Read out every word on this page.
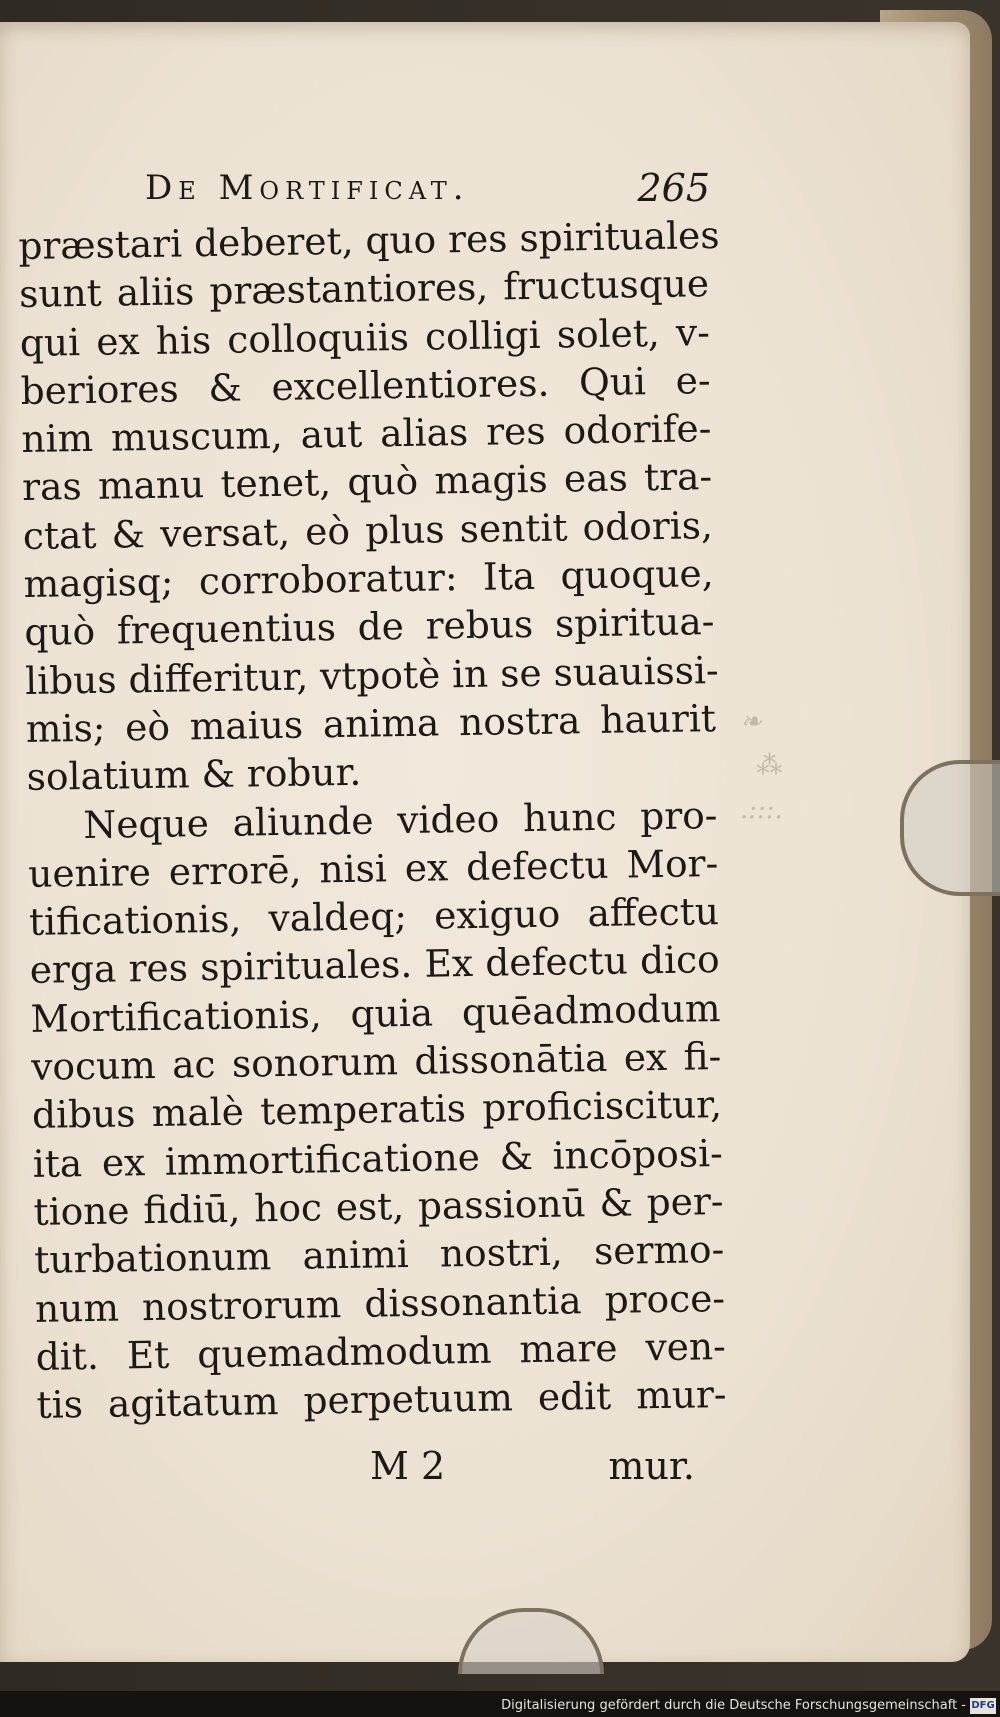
❧
⁂
.:::.
De Mortificat.	265
præstari deberet, quo res spirituales
sunt aliis præstantiores, fructusque
qui ex his colloquiis colligi solet, v-
beriores & excellentiores. Qui e-
nim muscum, aut alias res odorife-
ras manu tenet, quò magis eas tra-
ctat & versat, eò plus sentit odoris,
magisq; corroboratur: Ita quoque,
quò frequentius de rebus spiritua-
libus differitur, vtpotè in se suauissi-
mis; eò maius anima nostra haurit
solatium & robur.
Neque aliunde video hunc pro-
uenire errorē, nisi ex defectu Mor-
tificationis, valdeq; exiguo affectu
erga res spirituales. Ex defectu dico
Mortificationis, quia quēadmodum
vocum ac sonorum dissonātia ex fi-
dibus malè temperatis proficiscitur,
ita ex immortificatione & incōposi-
tione fidiū, hoc est, passionū & per-
turbationum animi nostri, sermo-
num nostrorum dissonantia proce-
dit. Et quemadmodum mare ven-
tis agitatum perpetuum edit mur-
M 2	mur.
Digitalisierung gefördert durch die Deutsche Forschungsgemeinschaft - DFG
